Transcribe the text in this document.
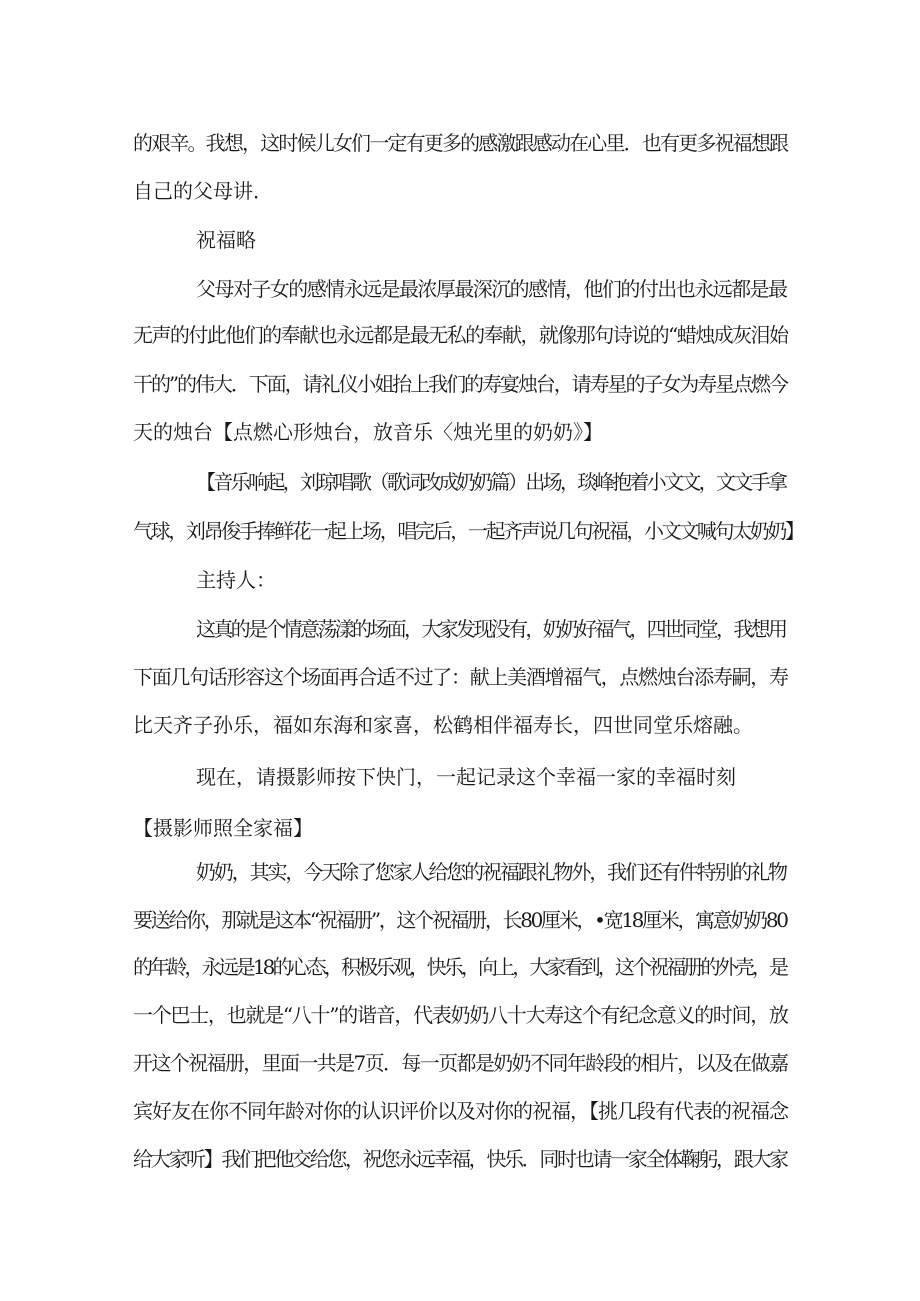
的艰辛。我想，这时候儿女们一定有更多的感激跟感动在心里．也有更多祝福想跟
自己的父母讲．
祝福略
父母对子女的感情永远是最浓厚最深沉的感情，他们的付出也永远都是最
无声的付此他们的奉献也永远都是最无私的奉献，就像那句诗说的“蜡烛成灰泪始
干的”的伟大．下面，请礼仪小姐抬上我们的寿宴烛台，请寿星的子女为寿星点燃今
天的烛台【点燃心形烛台，放音乐〈烛光里的奶奶》】
【音乐响起，刘琼唱歌（歌词改成奶奶篇）出场，琰峰抱着小文文，文文手拿
气球，刘昂俊手捧鲜花一起上场，唱完后，一起齐声说几句祝福，小文文喊句太奶奶】
主持人：
这真的是个情意荡漾的场面，大家发现没有，奶奶好福气，四世同堂，我想用
下面几句话形容这个场面再合适不过了：献上美酒增福气，点燃烛台添寿嗣，寿
比天齐子孙乐，福如东海和家喜，松鹤相伴福寿长，四世同堂乐熔融。
现在，请摄影师按下快门，一起记录这个幸福一家的幸福时刻
【摄影师照全家福】
奶奶，其实，今天除了您家人给您的祝福跟礼物外，我们还有件特别的礼物
要送给你，那就是这本“祝福册”，这个祝福册，长80厘米，•宽18厘米，寓意奶奶80
的年龄，永远是18的心态，积极乐观，快乐，向上，大家看到，这个祝福册的外壳，是
一个巴士，也就是“八十”的谐音，代表奶奶八十大寿这个有纪念意义的时间，放
开这个祝福册，里面一共是7页．每一页都是奶奶不同年龄段的相片，以及在做嘉
宾好友在你不同年龄对你的认识评价以及对你的祝福，【挑几段有代表的祝福念
给大家听】我们把他交给您，祝您永远幸福，快乐．同时也请一家全体鞠躬，跟大家
